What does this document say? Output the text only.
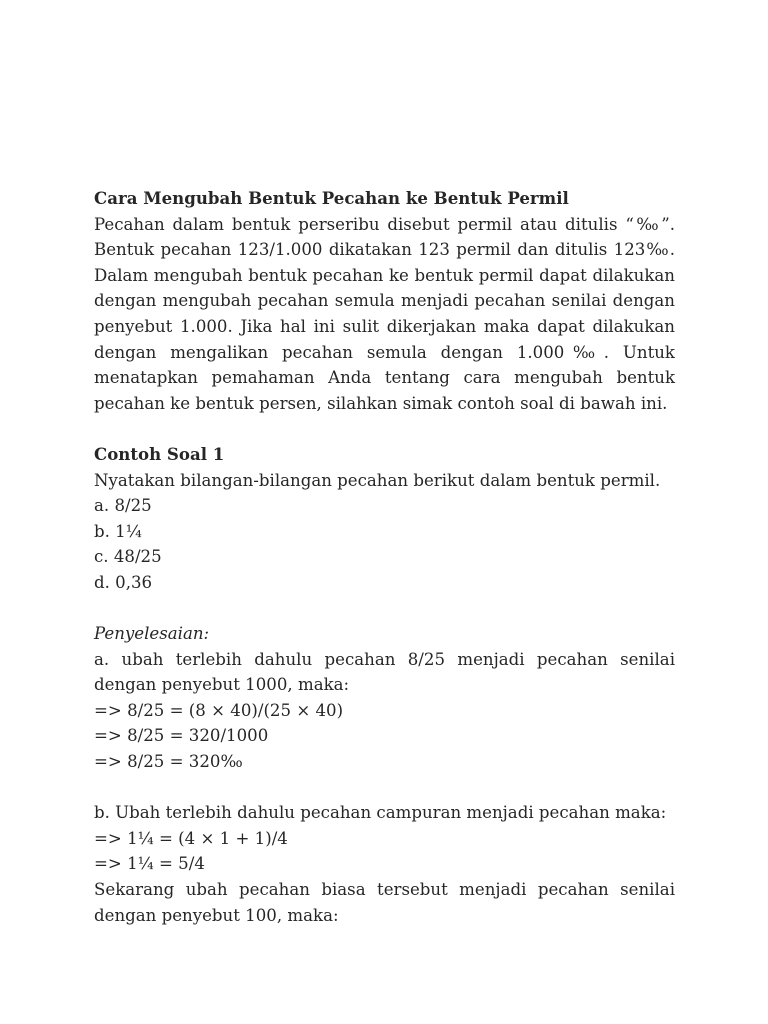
Cara Mengubah Bentuk Pecahan ke Bentuk Permil

Pecahan dalam bentuk perseribu disebut permil atau ditulis “‰”. Bentuk pecahan 123/1.000 dikatakan 123 permil dan ditulis 123‰. Dalam mengubah bentuk pecahan ke bentuk permil dapat dilakukan dengan mengubah pecahan semula menjadi pecahan senilai dengan penyebut 1.000. Jika hal ini sulit dikerjakan maka dapat dilakukan dengan mengalikan pecahan semula dengan 1.000‰. Untuk menatapkan pemahaman Anda tentang cara mengubah bentuk pecahan ke bentuk persen, silahkan simak contoh soal di bawah ini.

Contoh Soal 1

Nyatakan bilangan-bilangan pecahan berikut dalam bentuk permil.

a. 8/25

b. 1¼

c. 48/25

d. 0,36

Penyelesaian:

a. ubah terlebih dahulu pecahan 8/25 menjadi pecahan senilai dengan penyebut 1000, maka:

=> 8/25 = (8 × 40)/(25 × 40)

=> 8/25 = 320/1000

=> 8/25 = 320‰

b. Ubah terlebih dahulu pecahan campuran menjadi pecahan maka:

=> 1¼ = (4 × 1 + 1)/4

=> 1¼ = 5/4

Sekarang ubah pecahan biasa tersebut menjadi pecahan senilai dengan penyebut 100, maka:
